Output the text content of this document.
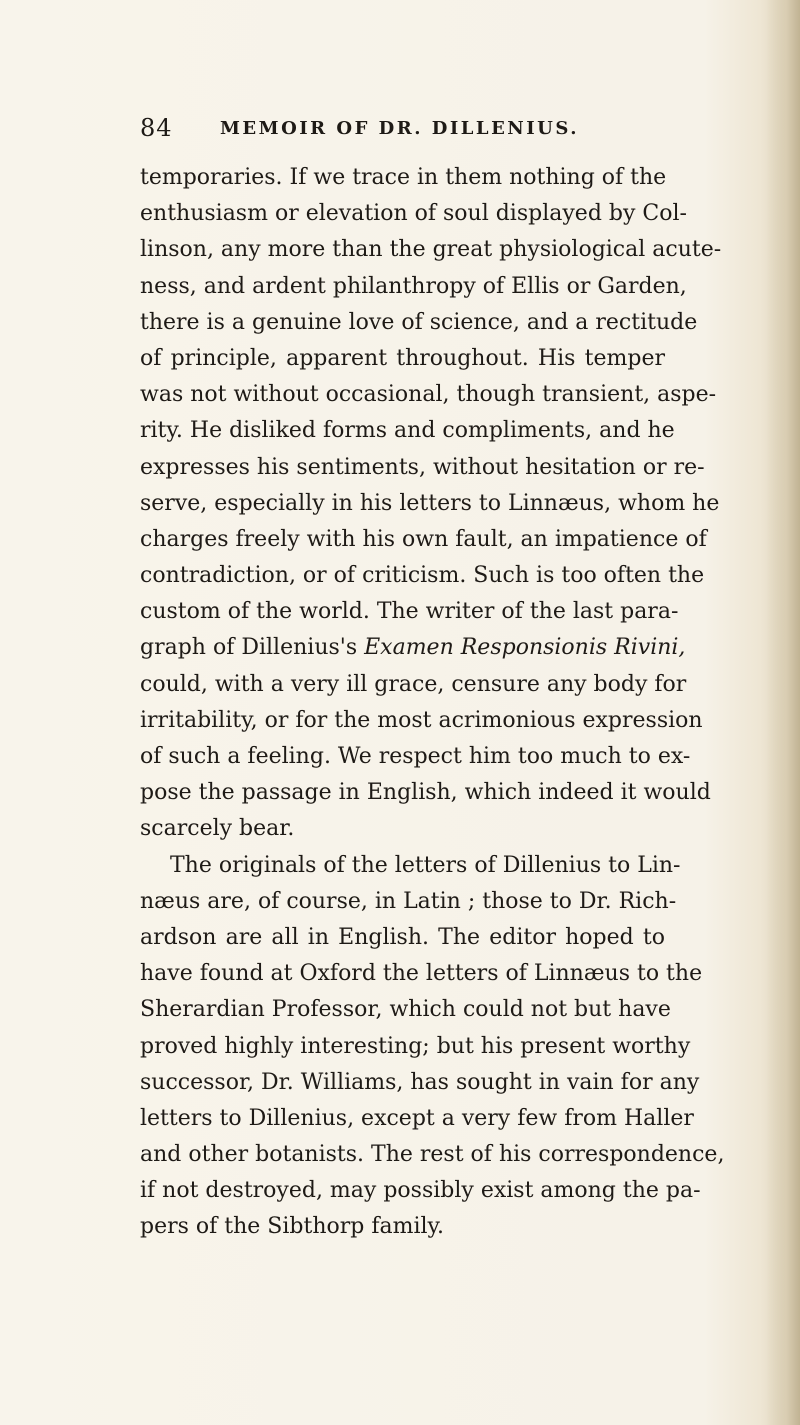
84	MEMOIR OF DR. DILLENIUS.
temporaries. If we trace in them nothing of the
enthusiasm or elevation of soul displayed by Col-
linson, any more than the great physiological acute-
ness, and ardent philanthropy of Ellis or Garden,
there is a genuine love of science, and a rectitude
of principle, apparent throughout. His temper
was not without occasional, though transient, aspe-
rity. He disliked forms and compliments, and he
expresses his sentiments, without hesitation or re-
serve, especially in his letters to Linnæus, whom he
charges freely with his own fault, an impatience of
contradiction, or of criticism. Such is too often the
custom of the world. The writer of the last para-
graph of Dillenius's Examen Responsionis Rivini,
could, with a very ill grace, censure any body for
irritability, or for the most acrimonious expression
of such a feeling. We respect him too much to ex-
pose the passage in English, which indeed it would
scarcely bear.
The originals of the letters of Dillenius to Lin-
næus are, of course, in Latin ; those to Dr. Rich-
ardson are all in English. The editor hoped to
have found at Oxford the letters of Linnæus to the
Sherardian Professor, which could not but have
proved highly interesting; but his present worthy
successor, Dr. Williams, has sought in vain for any
letters to Dillenius, except a very few from Haller
and other botanists. The rest of his correspondence,
if not destroyed, may possibly exist among the pa-
pers of the Sibthorp family.
